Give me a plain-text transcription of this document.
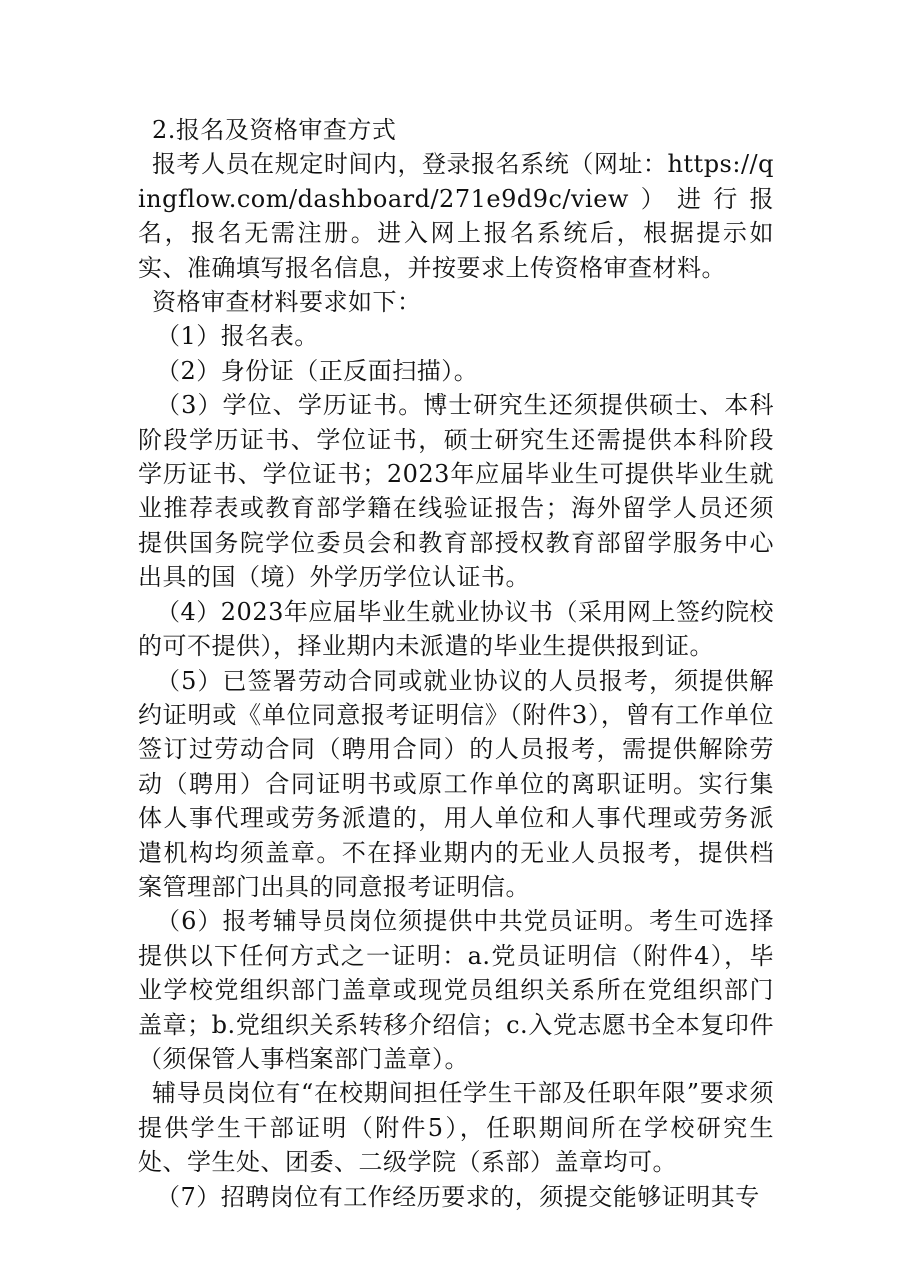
2.报名及资格审查方式

报考人员在规定时间内，登录报名系统（网址：https://qingflow.com/dashboard/271e9d9c/view）进行报名，报名无需注册。进入网上报名系统后，根据提示如实、准确填写报名信息，并按要求上传资格审查材料。

资格审查材料要求如下：

（1）报名表。

（2）身份证（正反面扫描）。

（3）学位、学历证书。博士研究生还须提供硕士、本科阶段学历证书、学位证书，硕士研究生还需提供本科阶段学历证书、学位证书；2023年应届毕业生可提供毕业生就业推荐表或教育部学籍在线验证报告；海外留学人员还须提供国务院学位委员会和教育部授权教育部留学服务中心出具的国（境）外学历学位认证书。

（4）2023年应届毕业生就业协议书（采用网上签约院校的可不提供），择业期内未派遣的毕业生提供报到证。

（5）已签署劳动合同或就业协议的人员报考，须提供解约证明或《单位同意报考证明信》（附件3），曾有工作单位签订过劳动合同（聘用合同）的人员报考，需提供解除劳动（聘用）合同证明书或原工作单位的离职证明。实行集体人事代理或劳务派遣的，用人单位和人事代理或劳务派遣机构均须盖章。不在择业期内的无业人员报考，提供档案管理部门出具的同意报考证明信。

（6）报考辅导员岗位须提供中共党员证明。考生可选择提供以下任何方式之一证明：a.党员证明信（附件4），毕业学校党组织部门盖章或现党员组织关系所在党组织部门盖章；b.党组织关系转移介绍信；c.入党志愿书全本复印件（须保管人事档案部门盖章）。

辅导员岗位有“在校期间担任学生干部及任职年限”要求须提供学生干部证明（附件5），任职期间所在学校研究生处、学生处、团委、二级学院（系部）盖章均可。

（7）招聘岗位有工作经历要求的，须提交能够证明其专
